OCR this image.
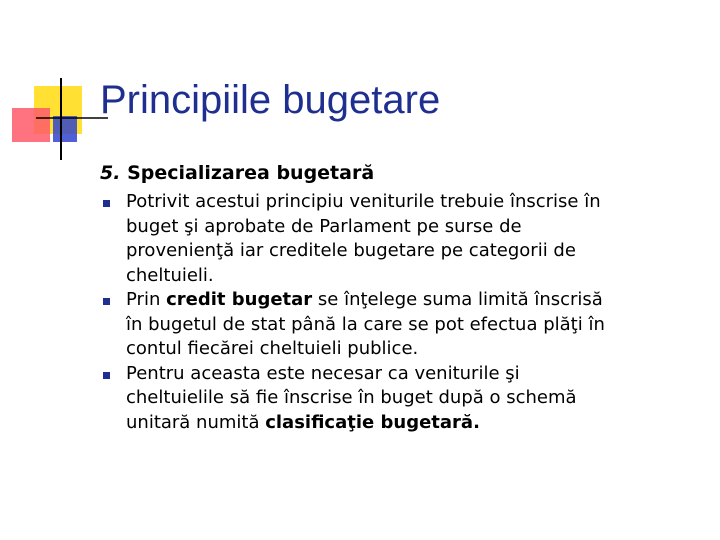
Principiile bugetare
5. Specializarea bugetară
Potrivit acestui principiu veniturile trebuie înscrise în
buget şi aprobate de Parlament pe surse de
provenienţă iar creditele bugetare pe categorii de
cheltuieli.
Prin credit bugetar se înţelege suma limită înscrisă
în bugetul de stat până la care se pot efectua plăţi în
contul fiecărei cheltuieli publice.
Pentru aceasta este necesar ca veniturile şi
cheltuielile să fie înscrise în buget după o schemă
unitară numită clasificaţie bugetară.
